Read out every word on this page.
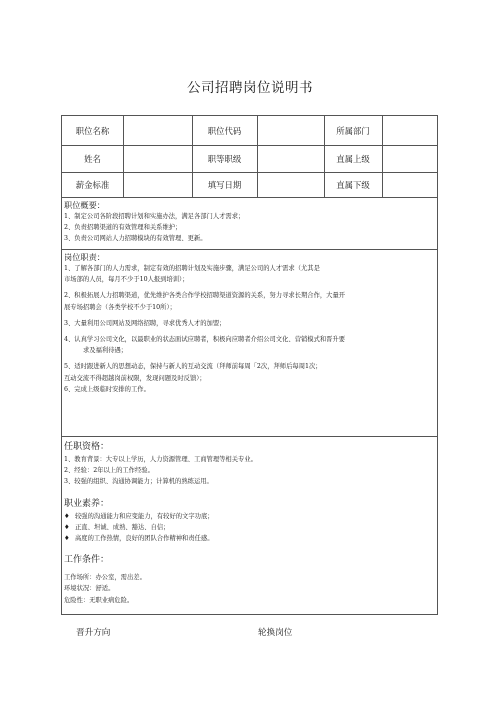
公司招聘岗位说明书
职位名称	职位代码	所属部门
姓名	职等职级	直属上级
薪金标准	填写日期	直属下级
职位概要：
1、制定公司各阶段招聘计划和实施办法，满足各部门人才需求；
2、负责招聘渠道的有效管理和关系维护；
3、负责公司网站人力招聘模块的有效管理、更新。
岗位职责：
1、了解各部门的人力需求，制定有效的招聘计划及实施步骤，满足公司的人才需求（尤其是
市场部的人员，每月不少于10人报到培训）；
2、积极拓展人力招聘渠道，优先维护各类合作学校招聘渠道资源的关系，努力寻求长期合作，大量开
展专场招聘会（各类学校不少于10所）；
3、大量利用公司网站及网络招聘，寻求优秀人才的加盟；
4、认真学习公司文化，以最职业的状态面试应聘者，积极向应聘者介绍公司文化、营销模式和晋升要
求及福利待遇；
5、适时跟进新人的思想动态，保持与新人的互动交流（拜师前每周「2次，拜师后每周1次；
互动交流不得超越岗前权限，发现问题及时反馈）；
6、完成上级临时安排的工作。
任职资格：
1、教育背景：大专以上学历，人力资源管理、工商管理等相关专业。
2、经验：2年以上的工作经验。
3、较强的组织、沟通协调能力；计算机的熟练运用。
职业素养：
♦ 较强的沟通能力和应变能力，有较好的文字功底；
♦ 正直、坦诚、成熟、豁达、自信；
♦ 高度的工作热情，良好的团队合作精神和责任感。
工作条件：
工作场所：办公室，需出差。
环境状况：舒适。
危险性：无职业病危险。
晋升方向	轮换岗位
